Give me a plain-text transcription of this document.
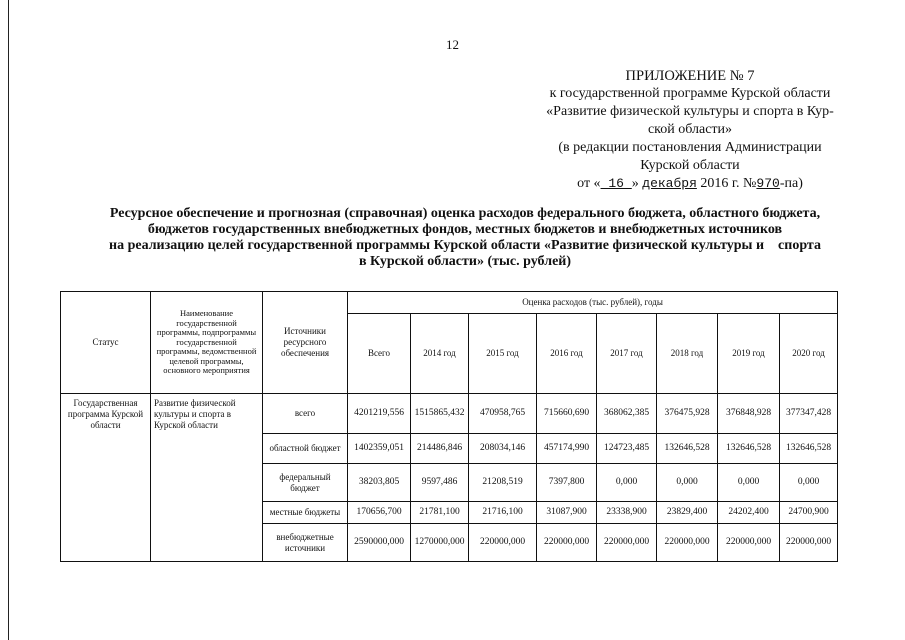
12
ПРИЛОЖЕНИЕ № 7
к государственной программе Курской области
«Развитие физической культуры и спорта в Кур-
ской области»
(в редакции постановления Администрации
Курской области
от « 16 » декабря 2016 г. №970-па)
Ресурсное обеспечение и прогнозная (справочная) оценка расходов федерального бюджета, областного бюджета,
бюджетов государственных внебюджетных фондов, местных бюджетов и внебюджетных источников
на реализацию целей государственной программы Курской области «Развитие физической культуры и    спорта
в Курской области» (тыс. рублей)
Статус	Наименование государственной программы, подпрограммы государственной программы, ведомственной целевой программы, основного мероприятия	Источники ресурсного обеспечения	Оценка расходов (тыс. рублей), годы							
			Всего	2014 год	2015 год	2016 год	2017 год	2018 год	2019 год	2020 год
Государственная программа Курской области	Развитие физической культуры и спорта в Курской области	всего	4201219,556	1515865,432	470958,765	715660,690	368062,385	376475,928	376848,928	377347,428
		областной бюджет	1402359,051	214486,846	208034,146	457174,990	124723,485	132646,528	132646,528	132646,528
		федеральный бюджет	38203,805	9597,486	21208,519	7397,800	0,000	0,000	0,000	0,000
		местные бюджеты	170656,700	21781,100	21716,100	31087,900	23338,900	23829,400	24202,400	24700,900
		внебюджетные источники	2590000,000	1270000,000	220000,000	220000,000	220000,000	220000,000	220000,000	220000,000
